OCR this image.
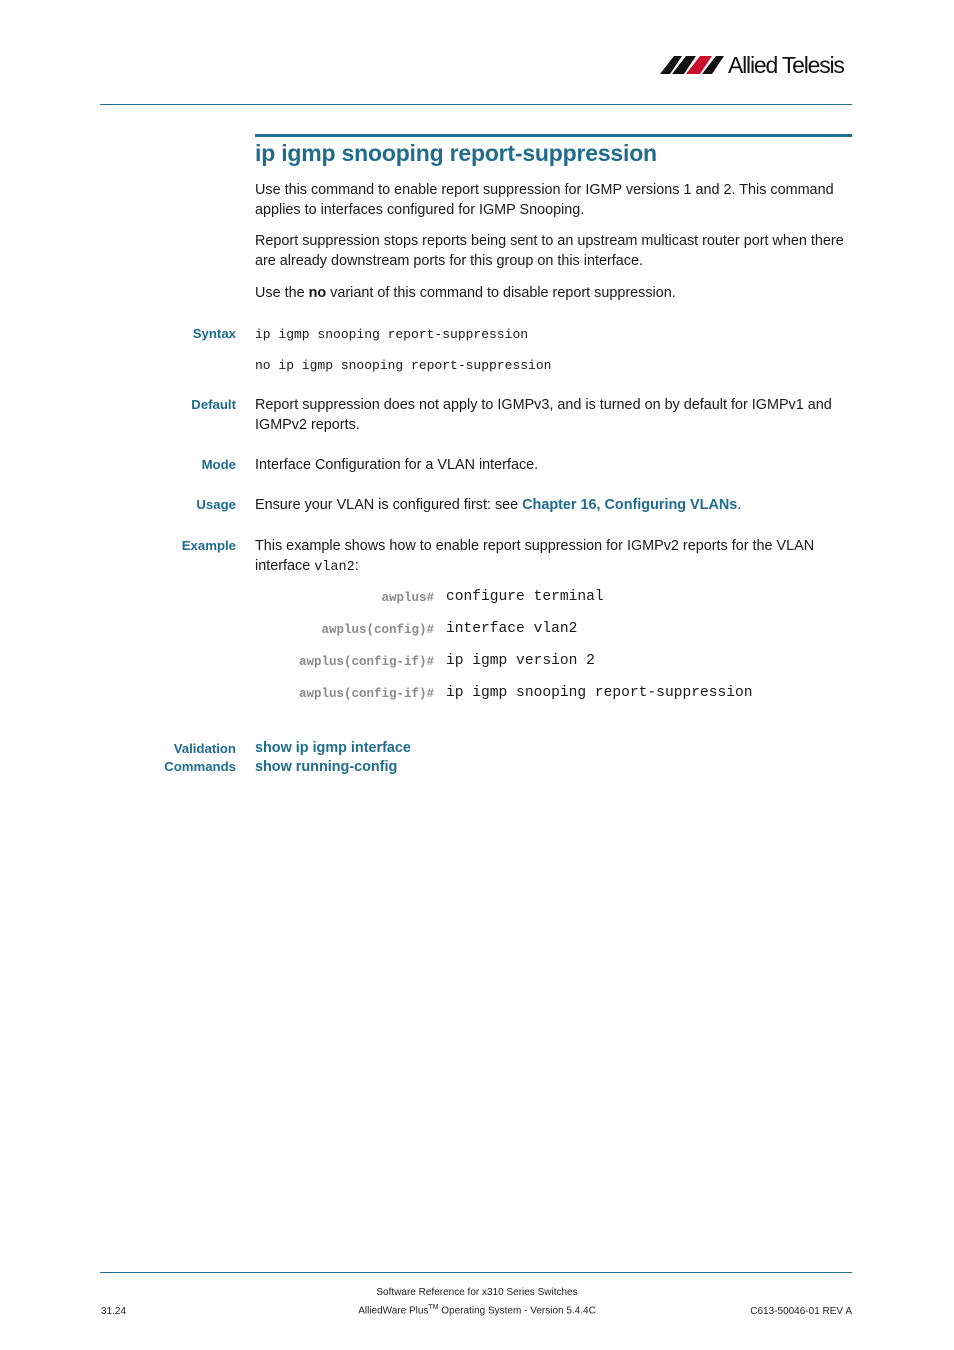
Allied Telesis
ip igmp snooping report-suppression
Use this command to enable report suppression for IGMP versions 1 and 2. This command applies to interfaces configured for IGMP Snooping.
Report suppression stops reports being sent to an upstream multicast router port when there are already downstream ports for this group on this interface.
Use the no variant of this command to disable report suppression.
Syntax ip igmp snooping report-suppression
no ip igmp snooping report-suppression
Default Report suppression does not apply to IGMPv3, and is turned on by default for IGMPv1 and IGMPv2 reports.
Mode Interface Configuration for a VLAN interface.
Usage Ensure your VLAN is configured first: see Chapter 16, Configuring VLANs.
Example This example shows how to enable report suppression for IGMPv2 reports for the VLAN interface vlan2:
awplus# configure terminal
awplus(config)# interface vlan2
awplus(config-if)# ip igmp version 2
awplus(config-if)# ip igmp snooping report-suppression
Validation
Commands
show ip igmp interface
show running-config
Software Reference for x310 Series Switches
AlliedWare Plus™ Operating System - Version 5.4.4C
31.24	C613-50046-01 REV A
